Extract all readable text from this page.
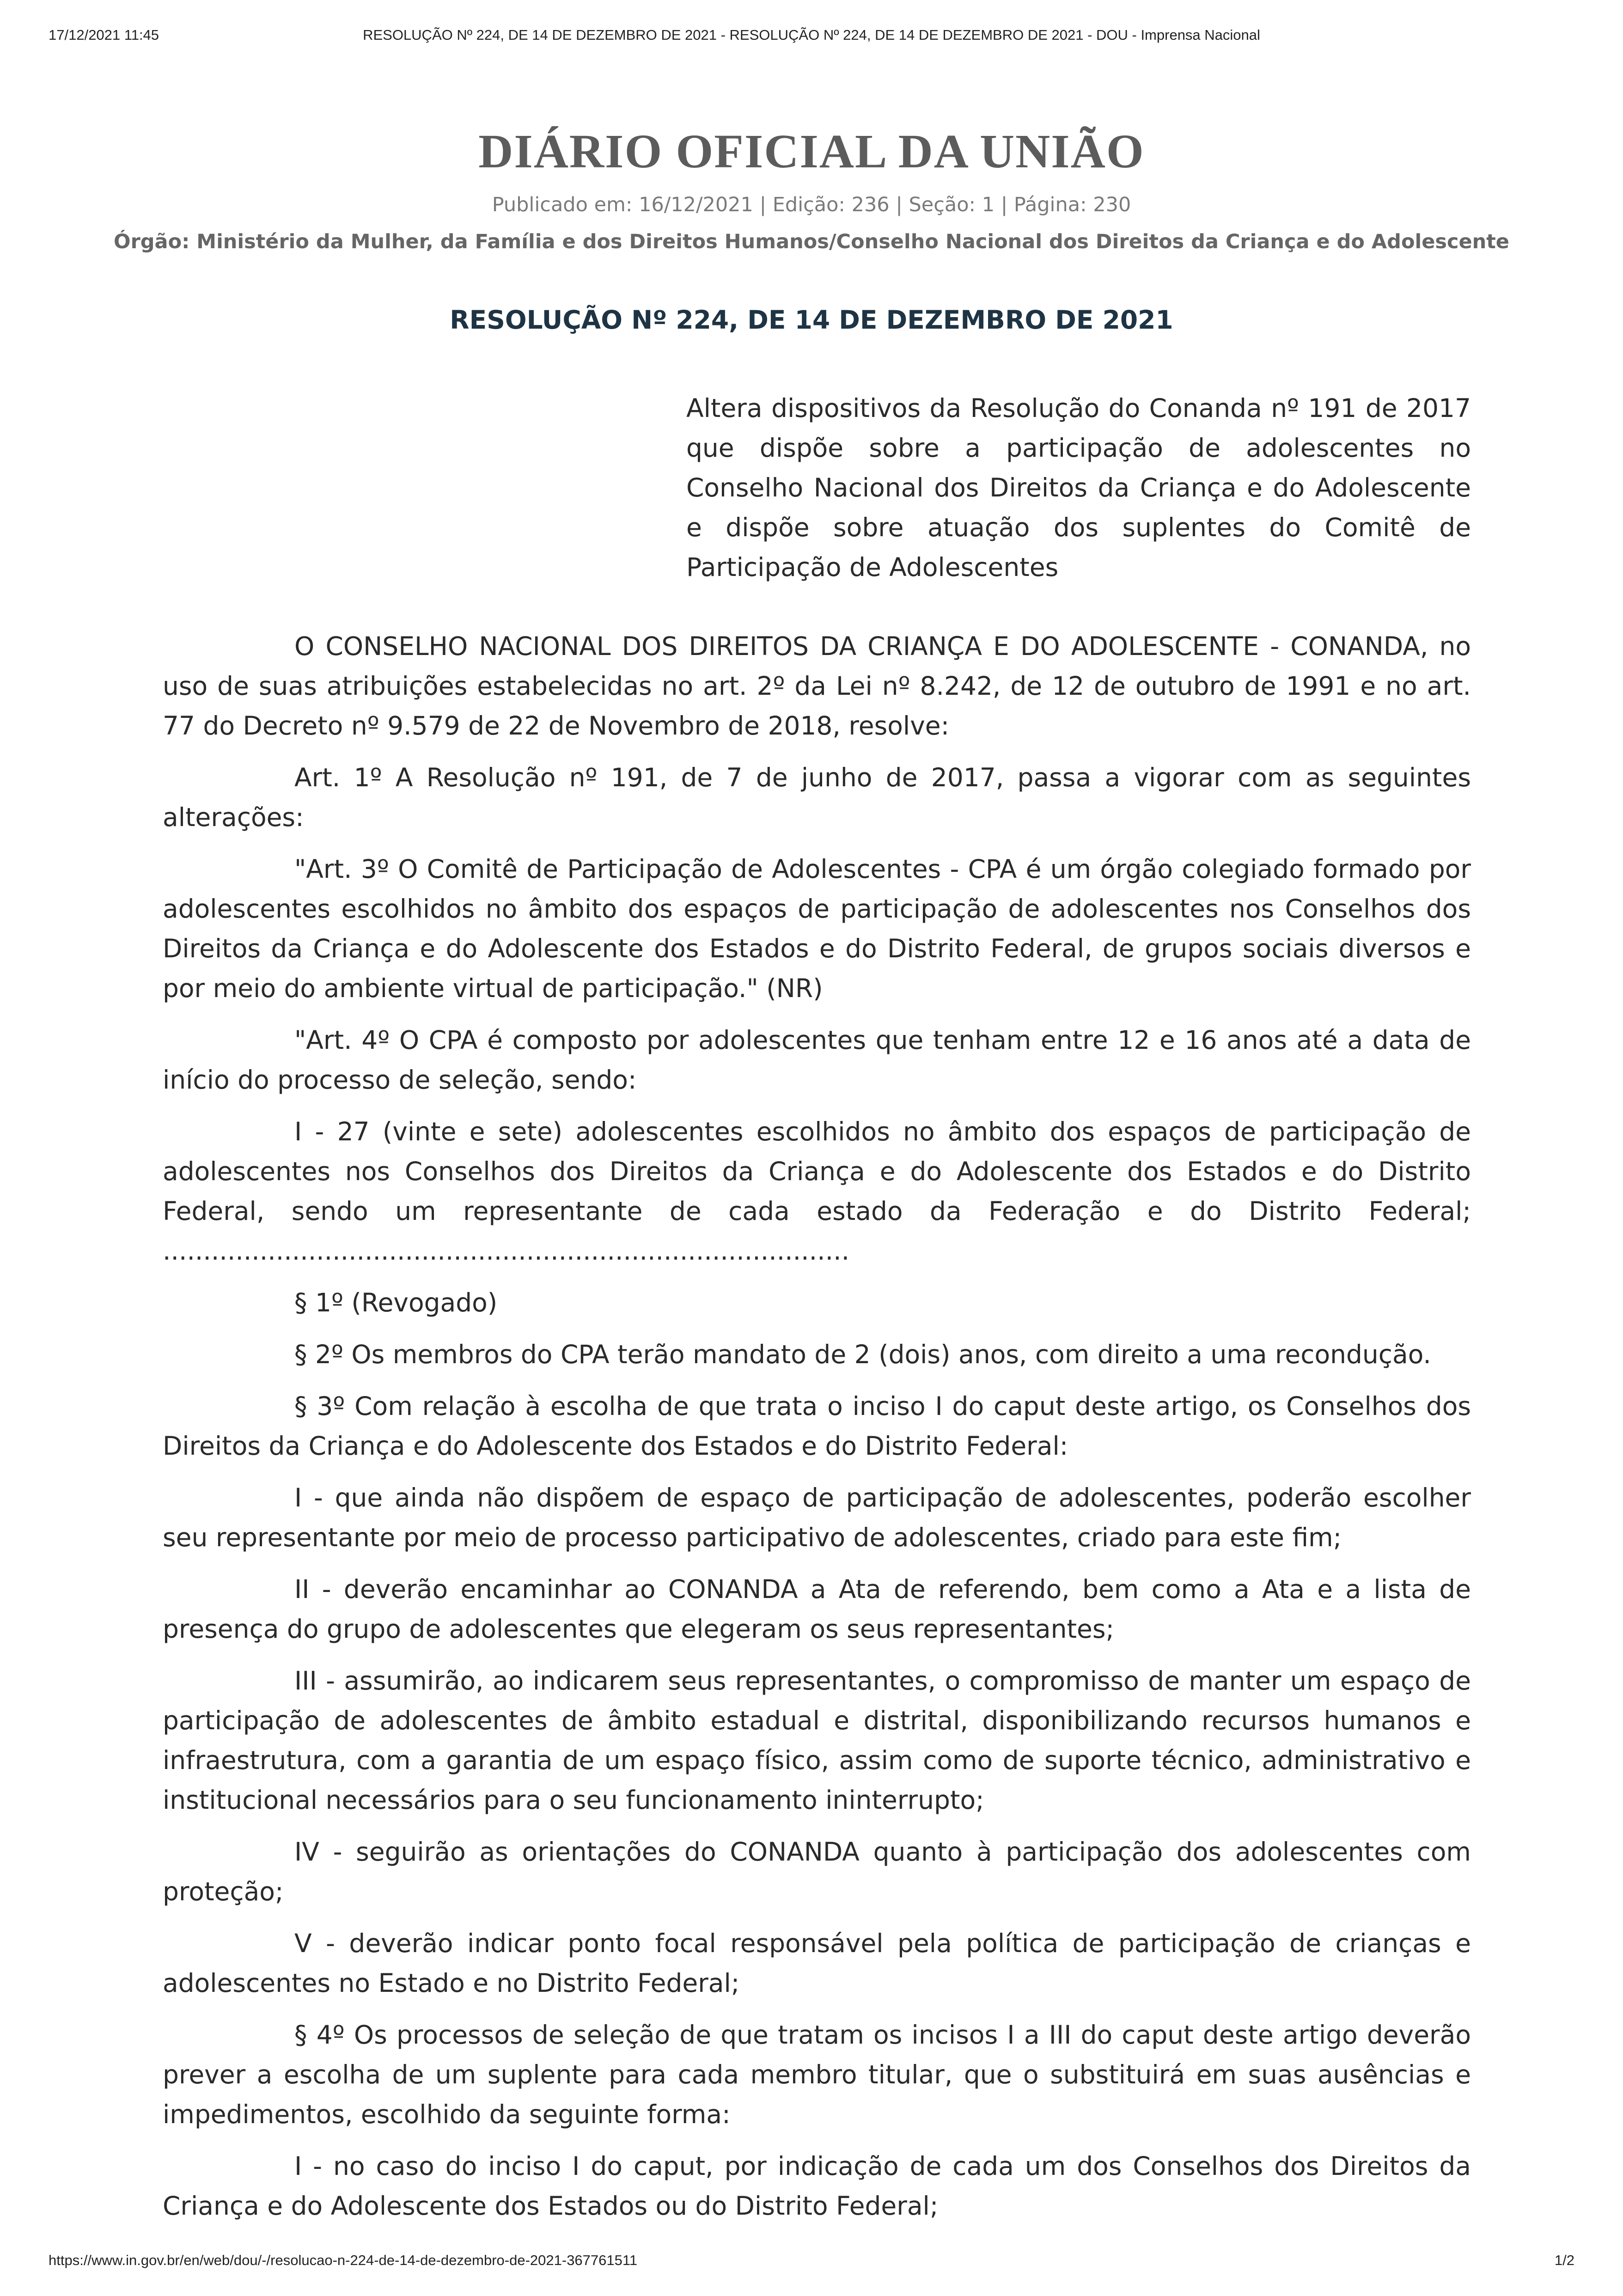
RESOLUÇÃO Nº 224, DE 14 DE DEZEMBRO DE 2021 - RESOLUÇÃO Nº 224, DE 14 DE DEZEMBRO DE 2021 - DOU - Imprensa Nacional
17/12/2021 11:45
DIÁRIO OFICIAL DA UNIÃO
Publicado em: 16/12/2021 | Edição: 236 | Seção: 1 | Página: 230
Órgão: Ministério da Mulher, da Família e dos Direitos Humanos/Conselho Nacional dos Direitos da Criança e do Adolescente
RESOLUÇÃO Nº 224, DE 14 DE DEZEMBRO DE 2021
Altera dispositivos da Resolução do Conanda nº 191 de 2017 que dispõe sobre a participação de adolescentes no Conselho Nacional dos Direitos da Criança e do Adolescente e dispõe sobre atuação dos suplentes do Comitê de Participação de Adolescentes

O CONSELHO NACIONAL DOS DIREITOS DA CRIANÇA E DO ADOLESCENTE - CONANDA, no uso de suas atribuições estabelecidas no art. 2º da Lei nº 8.242, de 12 de outubro de 1991 e no art. 77 do Decreto nº 9.579 de 22 de Novembro de 2018, resolve:

Art. 1º A Resolução nº 191, de 7 de junho de 2017, passa a vigorar com as seguintes alterações:

"Art. 3º O Comitê de Participação de Adolescentes - CPA é um órgão colegiado formado por adolescentes escolhidos no âmbito dos espaços de participação de adolescentes nos Conselhos dos Direitos da Criança e do Adolescente dos Estados e do Distrito Federal, de grupos sociais diversos e por meio do ambiente virtual de participação." (NR)

"Art. 4º O CPA é composto por adolescentes que tenham entre 12 e 16 anos até a data de início do processo de seleção, sendo:

I - 27 (vinte e sete) adolescentes escolhidos no âmbito dos espaços de participação de adolescentes nos Conselhos dos Direitos da Criança e do Adolescente dos Estados e do Distrito Federal, sendo um representante de cada estado da Federação e do Distrito Federal; .....................................................................................

§ 1º (Revogado)

§ 2º Os membros do CPA terão mandato de 2 (dois) anos, com direito a uma recondução.

§ 3º Com relação à escolha de que trata o inciso I do caput deste artigo, os Conselhos dos Direitos da Criança e do Adolescente dos Estados e do Distrito Federal:

I - que ainda não dispõem de espaço de participação de adolescentes, poderão escolher seu representante por meio de processo participativo de adolescentes, criado para este fim;

II - deverão encaminhar ao CONANDA a Ata de referendo, bem como a Ata e a lista de presença do grupo de adolescentes que elegeram os seus representantes;

III - assumirão, ao indicarem seus representantes, o compromisso de manter um espaço de participação de adolescentes de âmbito estadual e distrital, disponibilizando recursos humanos e infraestrutura, com a garantia de um espaço físico, assim como de suporte técnico, administrativo e institucional necessários para o seu funcionamento ininterrupto;

IV - seguirão as orientações do CONANDA quanto à participação dos adolescentes com proteção;

V - deverão indicar ponto focal responsável pela política de participação de crianças e adolescentes no Estado e no Distrito Federal;

§ 4º Os processos de seleção de que tratam os incisos I a III do caput deste artigo deverão prever a escolha de um suplente para cada membro titular, que o substituirá em suas ausências e impedimentos, escolhido da seguinte forma:

I - no caso do inciso I do caput, por indicação de cada um dos Conselhos dos Direitos da Criança e do Adolescente dos Estados ou do Distrito Federal;

https://www.in.gov.br/en/web/dou/-/resolucao-n-224-de-14-de-dezembro-de-2021-367761511	1/2
